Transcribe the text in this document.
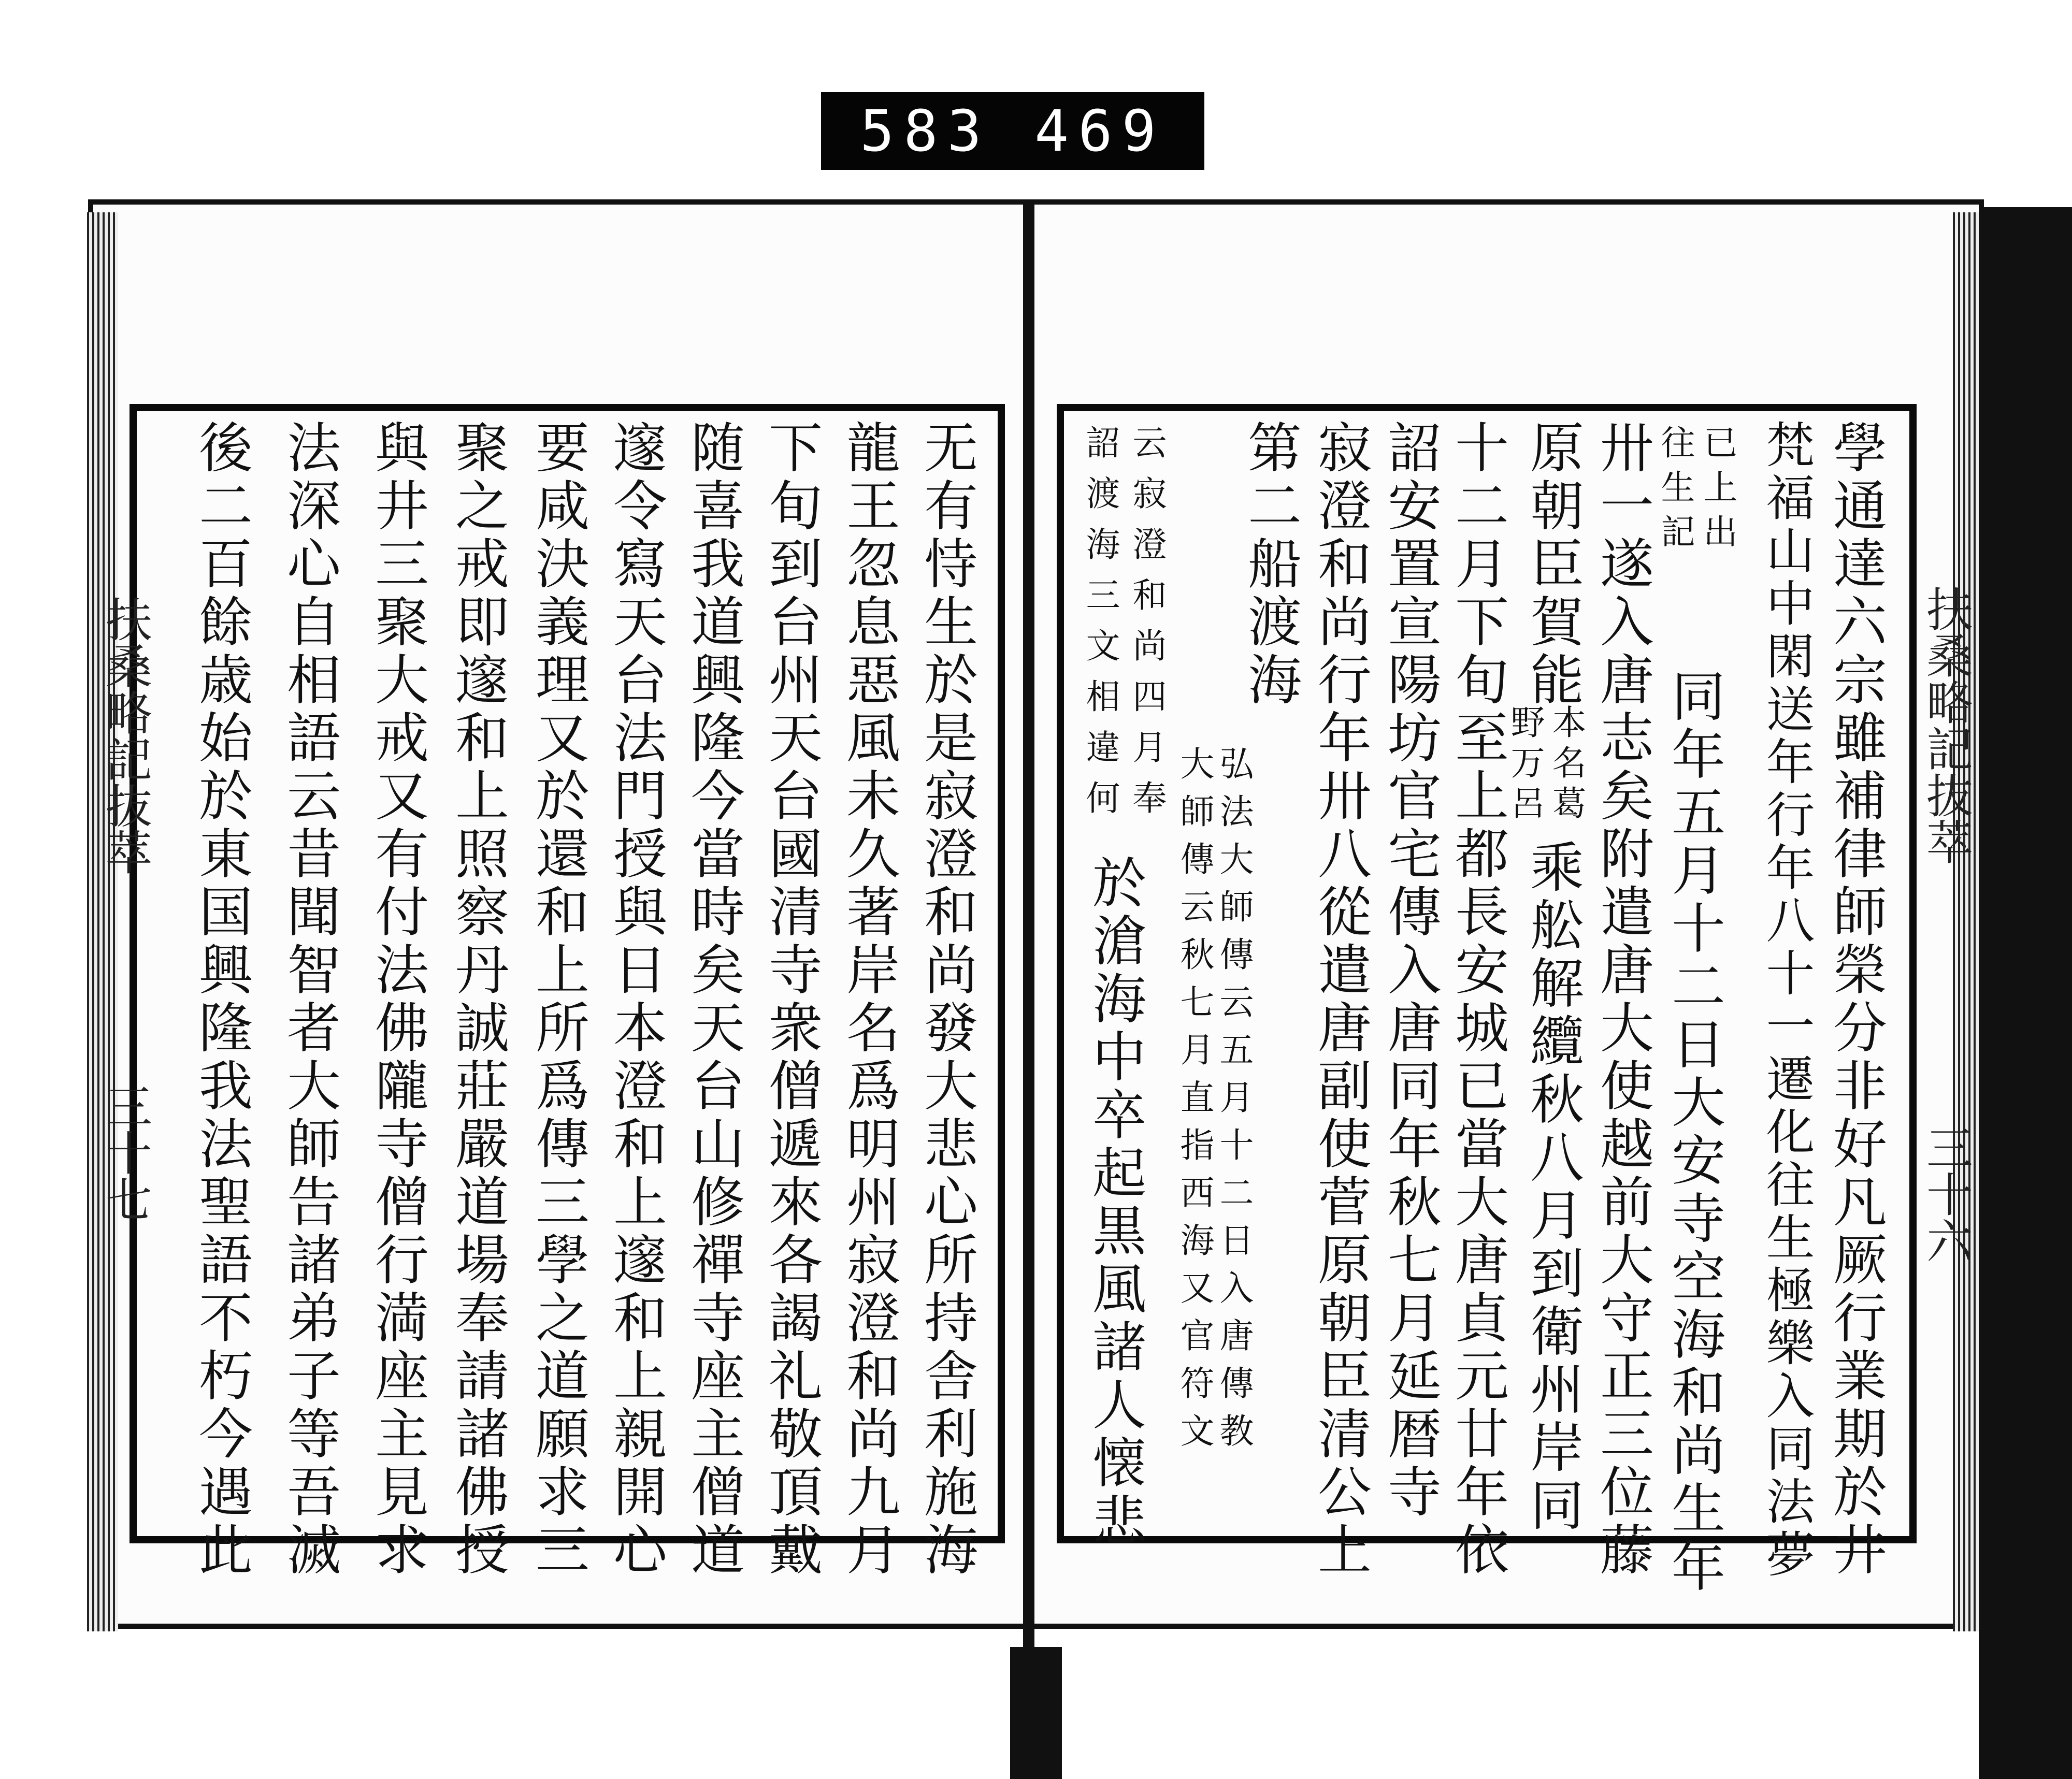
583 469
扶桑略記抜萃
三十六
扶桑略記抜萃
三十七	學通達六宗雖補律師榮分非好凡厥行業期於井
梵福山中閑送年行年八十一遷化往生極樂入同法夢
已上出
往生記
同年五月十二日大安寺空海和尚生年
卅一遂入唐志矣附遣唐大使越前大守正三位藤
原朝臣賀能
本名葛
野万呂
乘舩解纜秋八月到衛州岸同
十二月下旬至上都長安城已當大唐貞元廿年依
詔安置宣陽坊官宅傳入唐同年秋七月延暦寺
寂澄和尚行年卅八從遣唐副使菅原朝臣清公上
第二船渡海
弘法大師傳云五月十二日入唐傳教
大師傳云秋七月直指西海又官符文
云寂澄和尚四月奉
詔渡海三文相違何
於滄海中卒起黒風諸人懐悲
无有恃生於是寂澄和尚發大悲心所持舎利施海
龍王忽息惡風未久著岸名爲明州寂澄和尚九月
下旬到台州天台國清寺衆僧遞來各謁礼敬頂戴
随喜我道興隆今當時矣天台山修禪寺座主僧道
邃令寫天台法門授與日本澄和上邃和上親開心
要咸決義理又於還和上所爲傳三學之道願求三
聚之戒即邃和上照察丹誠莊嚴道場奉請諸佛授
與井三聚大戒又有付法佛隴寺僧行満座主見求
法深心自相語云昔聞智者大師告諸弟子等吾滅
後二百餘歳始於東国興隆我法聖語不朽今遇此
